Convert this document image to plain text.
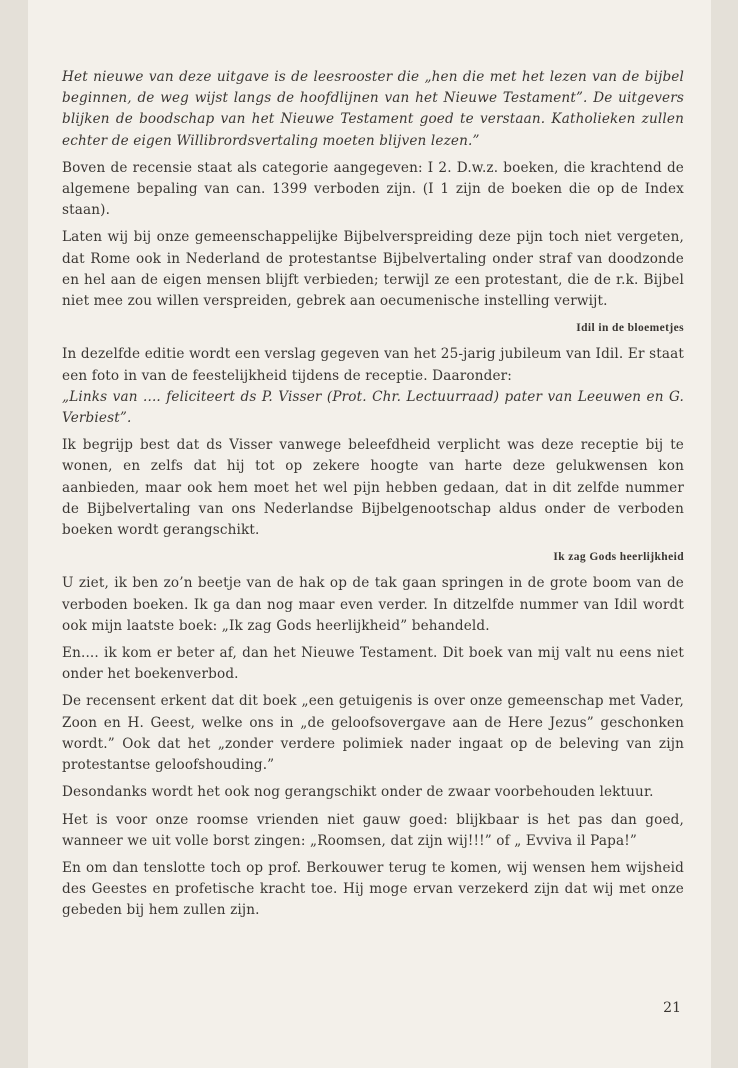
Het nieuwe van deze uitgave is de leesrooster die „hen die met het lezen van de bijbel beginnen, de weg wijst langs de hoofdlijnen van het Nieuwe Testament”. De uitgevers blijken de boodschap van het Nieuwe Testament goed te verstaan. Katholieken zullen echter de eigen Willibrordsvertaling moeten blijven lezen.”

Boven de recensie staat als categorie aangegeven: I 2. D.w.z. boeken, die krachtend de algemene bepaling van can. 1399 verboden zijn. (I 1 zijn de boeken die op de Index staan).

Laten wij bij onze gemeenschappelijke Bijbelverspreiding deze pijn toch niet vergeten, dat Rome ook in Nederland de protestantse Bijbelvertaling onder straf van doodzonde en hel aan de eigen mensen blijft verbieden; terwijl ze een protestant, die de r.k. Bijbel niet mee zou willen verspreiden, gebrek aan oecumenische instelling verwijt.

Idil in de bloemetjes

In dezelfde editie wordt een verslag gegeven van het 25-jarig jubileum van Idil. Er staat een foto in van de feestelijkheid tijdens de receptie. Daaronder:

„Links van .... feliciteert ds P. Visser (Prot. Chr. Lectuurraad) pater van Leeuwen en G. Verbiest”.

Ik begrijp best dat ds Visser vanwege beleefdheid verplicht was deze receptie bij te wonen, en zelfs dat hij tot op zekere hoogte van harte deze gelukwensen kon aanbieden, maar ook hem moet het wel pijn hebben gedaan, dat in dit zelfde nummer de Bijbelvertaling van ons Nederlandse Bijbelgenootschap aldus onder de verboden boeken wordt gerangschikt.

Ik zag Gods heerlijkheid

U ziet, ik ben zo’n beetje van de hak op de tak gaan springen in de grote boom van de verboden boeken. Ik ga dan nog maar even verder. In ditzelfde nummer van Idil wordt ook mijn laatste boek: „Ik zag Gods heerlijkheid” behandeld.

En.... ik kom er beter af, dan het Nieuwe Testament. Dit boek van mij valt nu eens niet onder het boekenverbod.

De recensent erkent dat dit boek „een getuigenis is over onze gemeenschap met Vader, Zoon en H. Geest, welke ons in „de geloofsovergave aan de Here Jezus” geschonken wordt.” Ook dat het „zonder verdere polimiek nader ingaat op de beleving van zijn protestantse geloofshouding.”

Desondanks wordt het ook nog gerangschikt onder de zwaar voorbehouden lektuur.

Het is voor onze roomse vrienden niet gauw goed: blijkbaar is het pas dan goed, wanneer we uit volle borst zingen: „Roomsen, dat zijn wij!!!” of „ Evviva il Papa!”

En om dan tenslotte toch op prof. Berkouwer terug te komen, wij wensen hem wijsheid des Geestes en profetische kracht toe. Hij moge ervan verzekerd zijn dat wij met onze gebeden bij hem zullen zijn.

21
